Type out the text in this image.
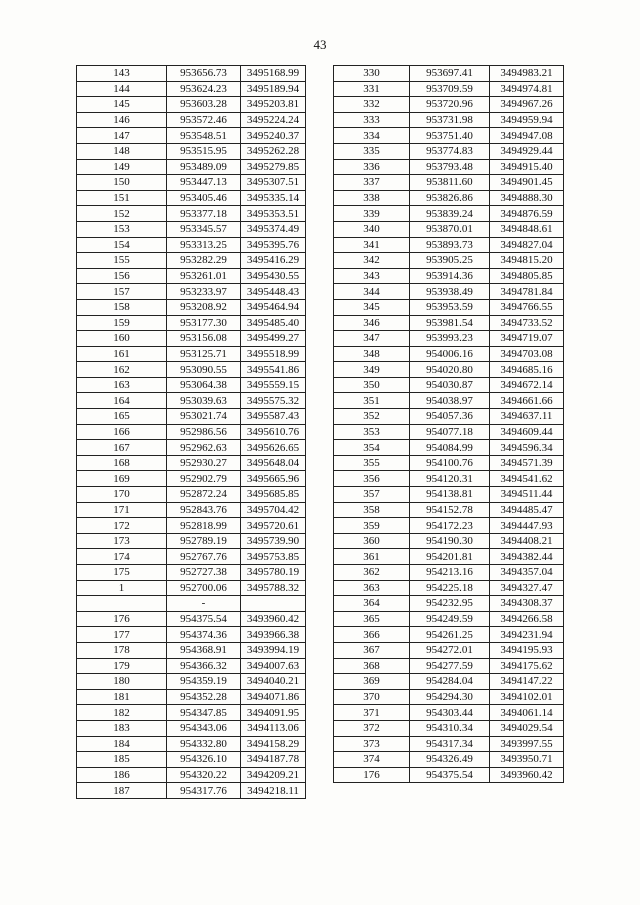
43
143	953656.73	3495168.99
144	953624.23	3495189.94
145	953603.28	3495203.81
146	953572.46	3495224.24
147	953548.51	3495240.37
148	953515.95	3495262.28
149	953489.09	3495279.85
150	953447.13	3495307.51
151	953405.46	3495335.14
152	953377.18	3495353.51
153	953345.57	3495374.49
154	953313.25	3495395.76
155	953282.29	3495416.29
156	953261.01	3495430.55
157	953233.97	3495448.43
158	953208.92	3495464.94
159	953177.30	3495485.40
160	953156.08	3495499.27
161	953125.71	3495518.99
162	953090.55	3495541.86
163	953064.38	3495559.15
164	953039.63	3495575.32
165	953021.74	3495587.43
166	952986.56	3495610.76
167	952962.63	3495626.65
168	952930.27	3495648.04
169	952902.79	3495665.96
170	952872.24	3495685.85
171	952843.76	3495704.42
172	952818.99	3495720.61
173	952789.19	3495739.90
174	952767.76	3495753.85
175	952727.38	3495780.19
1	952700.06	3495788.32
	-	
176	954375.54	3493960.42
177	954374.36	3493966.38
178	954368.91	3493994.19
179	954366.32	3494007.63
180	954359.19	3494040.21
181	954352.28	3494071.86
182	954347.85	3494091.95
183	954343.06	3494113.06
184	954332.80	3494158.29
185	954326.10	3494187.78
186	954320.22	3494209.21
187	954317.76	3494218.11
330	953697.41	3494983.21
331	953709.59	3494974.81
332	953720.96	3494967.26
333	953731.98	3494959.94
334	953751.40	3494947.08
335	953774.83	3494929.44
336	953793.48	3494915.40
337	953811.60	3494901.45
338	953826.86	3494888.30
339	953839.24	3494876.59
340	953870.01	3494848.61
341	953893.73	3494827.04
342	953905.25	3494815.20
343	953914.36	3494805.85
344	953938.49	3494781.84
345	953953.59	3494766.55
346	953981.54	3494733.52
347	953993.23	3494719.07
348	954006.16	3494703.08
349	954020.80	3494685.16
350	954030.87	3494672.14
351	954038.97	3494661.66
352	954057.36	3494637.11
353	954077.18	3494609.44
354	954084.99	3494596.34
355	954100.76	3494571.39
356	954120.31	3494541.62
357	954138.81	3494511.44
358	954152.78	3494485.47
359	954172.23	3494447.93
360	954190.30	3494408.21
361	954201.81	3494382.44
362	954213.16	3494357.04
363	954225.18	3494327.47
364	954232.95	3494308.37
365	954249.59	3494266.58
366	954261.25	3494231.94
367	954272.01	3494195.93
368	954277.59	3494175.62
369	954284.04	3494147.22
370	954294.30	3494102.01
371	954303.44	3494061.14
372	954310.34	3494029.54
373	954317.34	3493997.55
374	954326.49	3493950.71
176	954375.54	3493960.42
